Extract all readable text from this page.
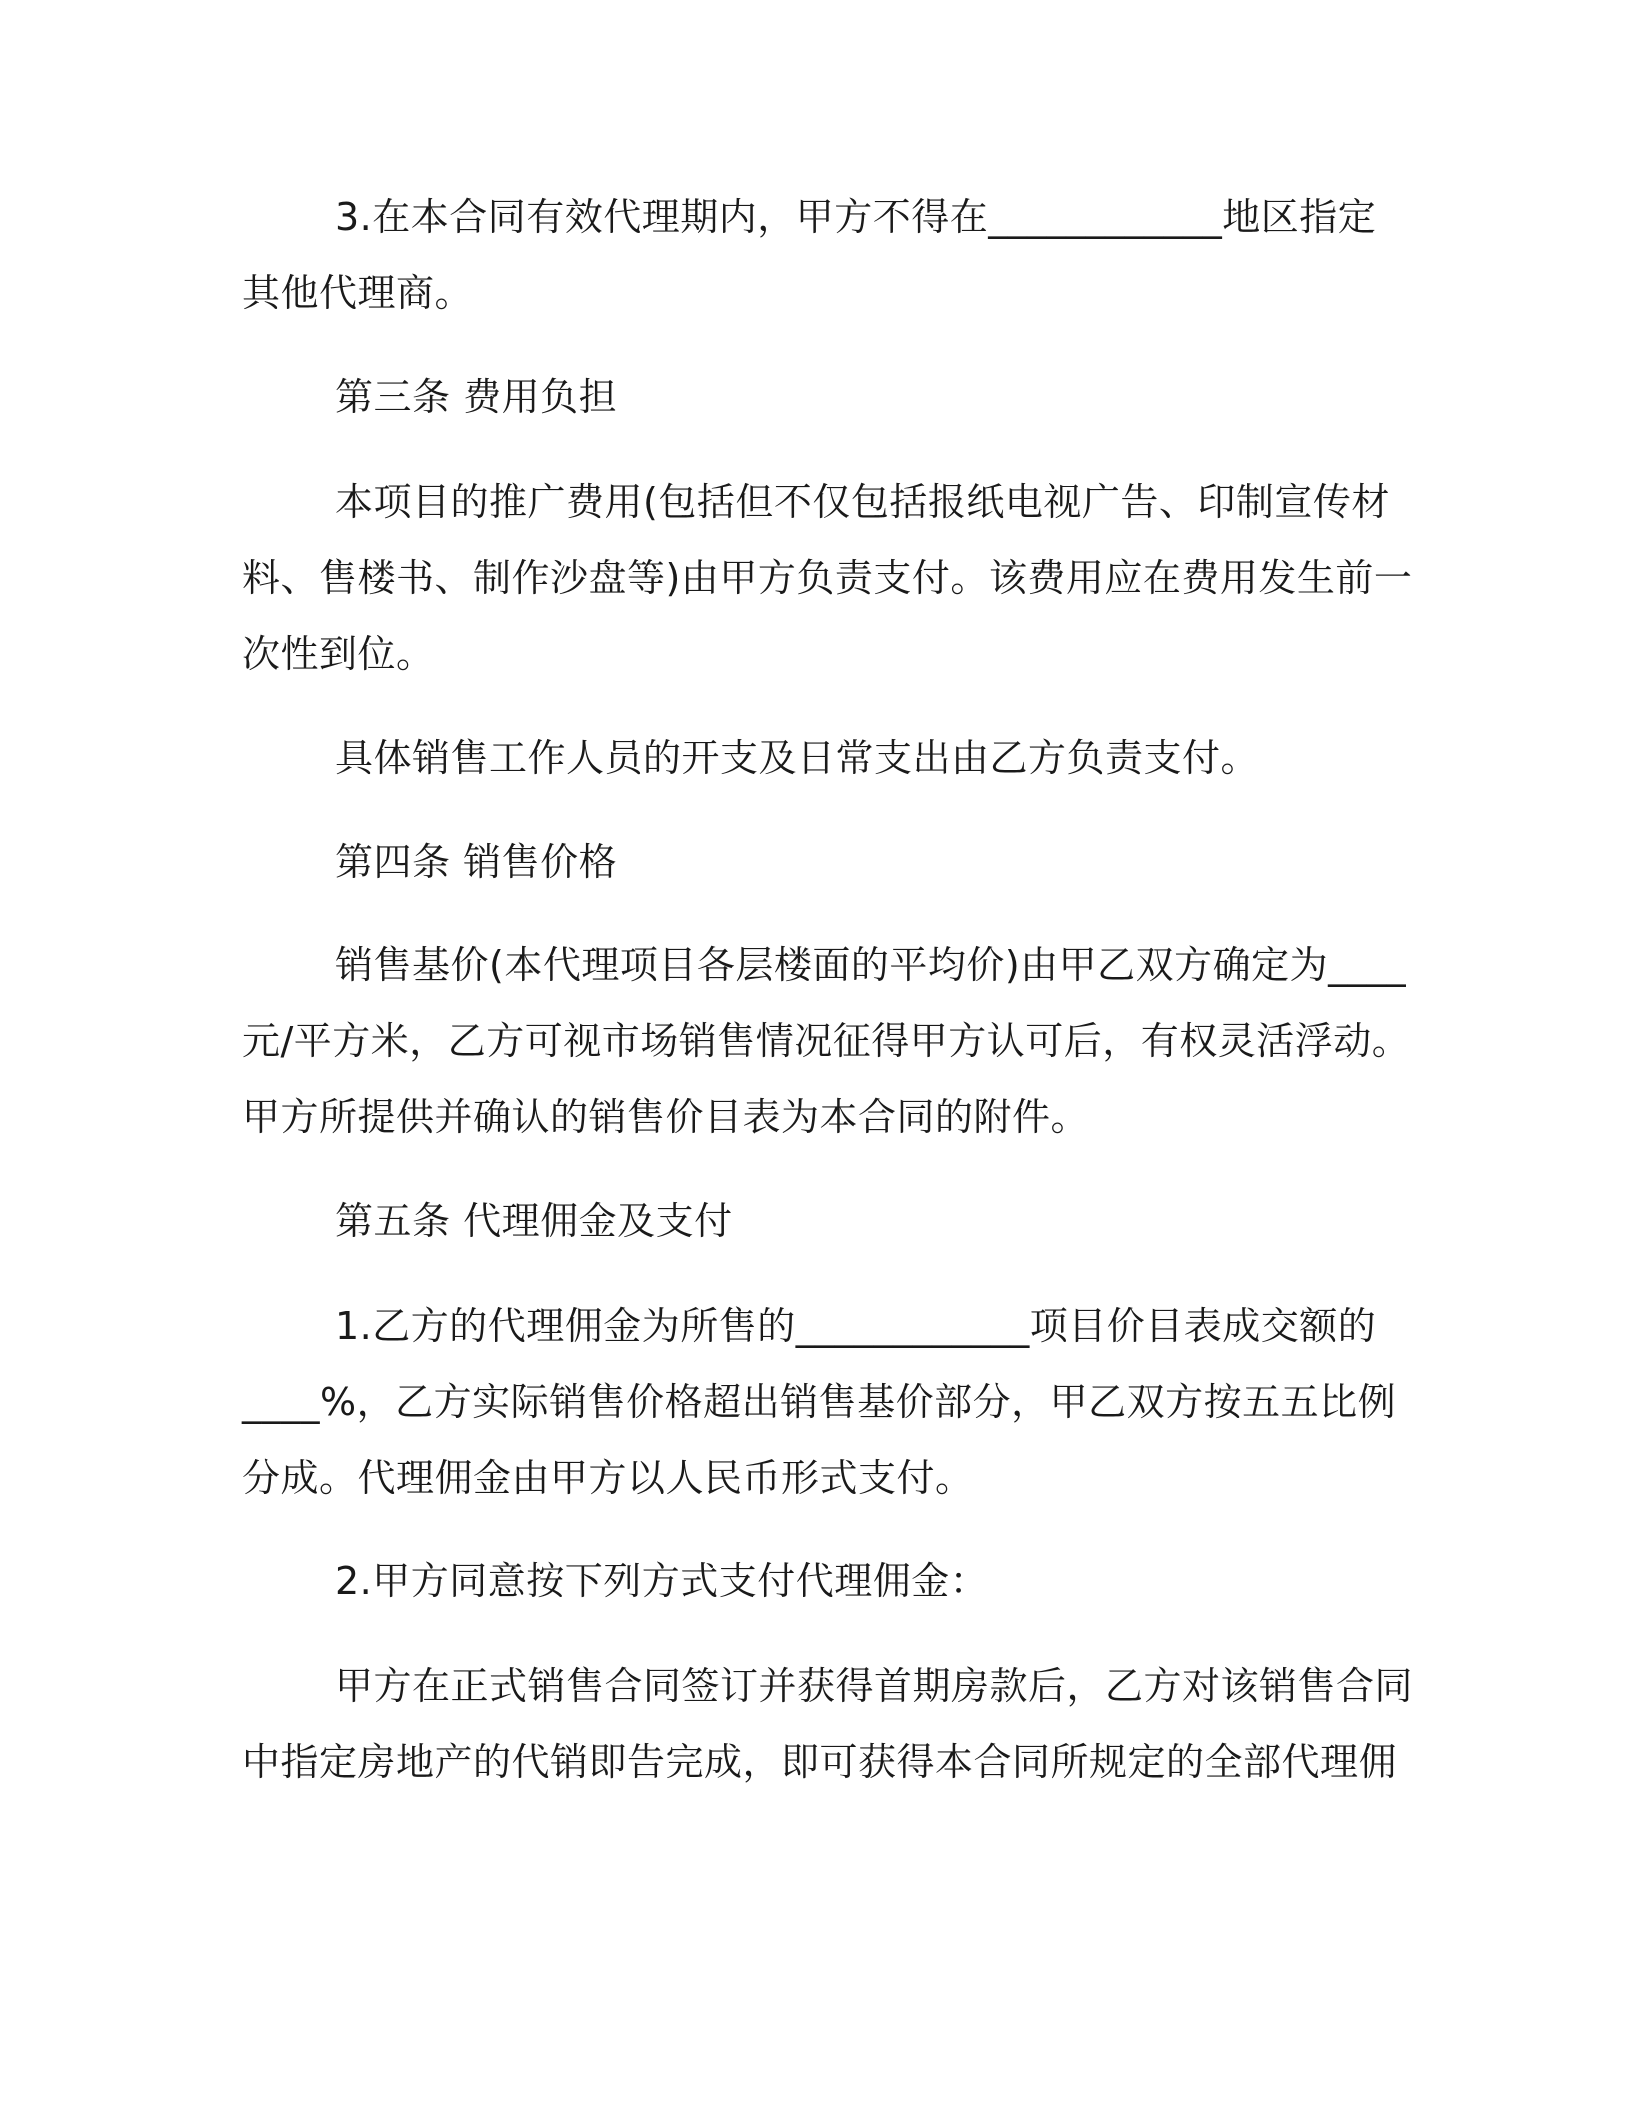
3.在本合同有效代理期内，甲方不得在____________地区指定
其他代理商。
第三条 费用负担
本项目的推广费用(包括但不仅包括报纸电视广告、印制宣传材
料、售楼书、制作沙盘等)由甲方负责支付。该费用应在费用发生前一
次性到位。
具体销售工作人员的开支及日常支出由乙方负责支付。
第四条 销售价格
销售基价(本代理项目各层楼面的平均价)由甲乙双方确定为____
元/平方米，乙方可视市场销售情况征得甲方认可后，有权灵活浮动。
甲方所提供并确认的销售价目表为本合同的附件。
第五条 代理佣金及支付
1.乙方的代理佣金为所售的____________项目价目表成交额的
____%，乙方实际销售价格超出销售基价部分，甲乙双方按五五比例
分成。代理佣金由甲方以人民币形式支付。
2.甲方同意按下列方式支付代理佣金：
甲方在正式销售合同签订并获得首期房款后，乙方对该销售合同
中指定房地产的代销即告完成，即可获得本合同所规定的全部代理佣
